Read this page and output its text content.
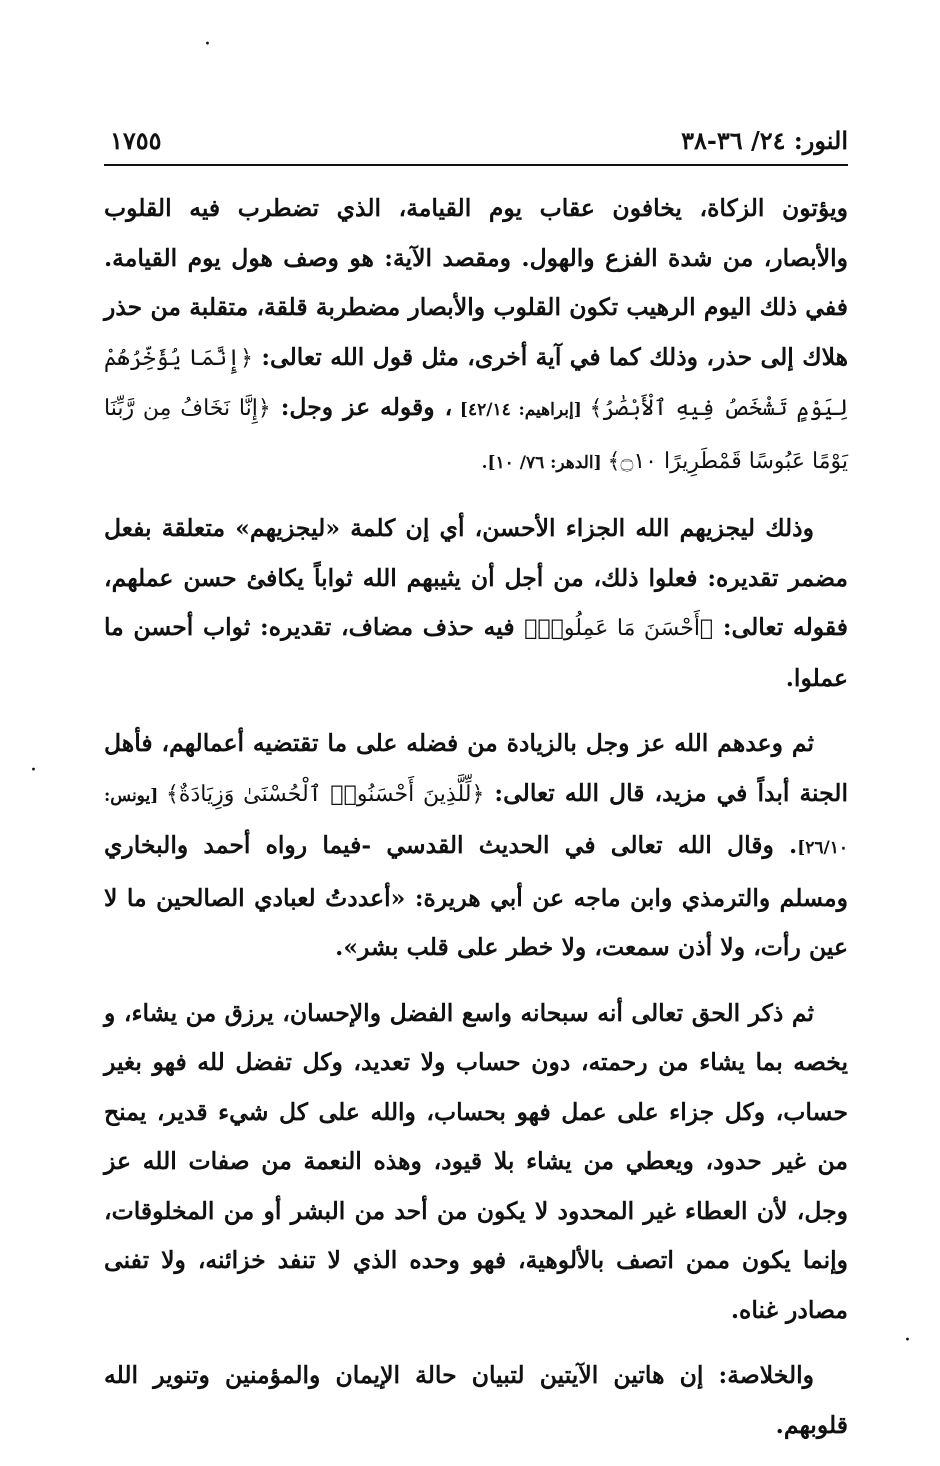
النور: ٢٤/ ٣٦-٣٨
١٧٥٥

ويؤتون الزكاة، يخافون عقاب يوم القيامة، الذي تضطرب فيه القلوب والأبصار، من شدة الفزع والهول. ومقصد الآية: هو وصف هول يوم القيامة. ففي ذلك اليوم الرهيب تكون القلوب والأبصار مضطربة قلقة، متقلبة من حذر هلاك إلى حذر، وذلك كما في آية أخرى، مثل قول الله تعالى: ﴿إِنَّمَا يُؤَخِّرُهُمْ لِيَوْمٍ تَشْخَصُ فِيهِ ٱلْأَبْصَٰرُ﴾ [إبراهيم: ٤٢/١٤] ، وقوله عز وجل: ﴿إِنَّا نَخَافُ مِن رَّبِّنَا يَوْمًا عَبُوسًا قَمْطَرِيرًا ۝١٠﴾ [الدهر: ٧٦/ ١٠].

وذلك ليجزيهم الله الجزاء الأحسن، أي إن كلمة «ليجزيهم» متعلقة بفعل مضمر تقديره: فعلوا ذلك، من أجل أن يثيبهم الله ثواباً يكافئ حسن عملهم، فقوله تعالى: ﴿أَحْسَنَ مَا عَمِلُوا۟﴾ فيه حذف مضاف، تقديره: ثواب أحسن ما عملوا.

ثم وعدهم الله عز وجل بالزيادة من فضله على ما تقتضيه أعمالهم، فأهل الجنة أبداً في مزيد، قال الله تعالى: ﴿لِّلَّذِينَ أَحْسَنُوا۟ ٱلْحُسْنَىٰ وَزِيَادَةٌ﴾ [يونس: ٢٦/١٠]. وقال الله تعالى في الحديث القدسي -فيما رواه أحمد والبخاري ومسلم والترمذي وابن ماجه عن أبي هريرة: «أعددتُ لعبادي الصالحين ما لا عين رأت، ولا أذن سمعت، ولا خطر على قلب بشر».

ثم ذكر الحق تعالى أنه سبحانه واسع الفضل والإحسان، يرزق من يشاء، و يخصه بما يشاء من رحمته، دون حساب ولا تعديد، وكل تفضل لله فهو بغير حساب، وكل جزاء على عمل فهو بحساب، والله على كل شيء قدير، يمنح من غير حدود، ويعطي من يشاء بلا قيود، وهذه النعمة من صفات الله عز وجل، لأن العطاء غير المحدود لا يكون من أحد من البشر أو من المخلوقات، وإنما يكون ممن اتصف بالألوهية، فهو وحده الذي لا تنفد خزائنه، ولا تفنى مصادر غناه.

والخلاصة: إن هاتين الآيتين لتبيان حالة الإيمان والمؤمنين وتنوير الله قلوبهم.

·
·
·
